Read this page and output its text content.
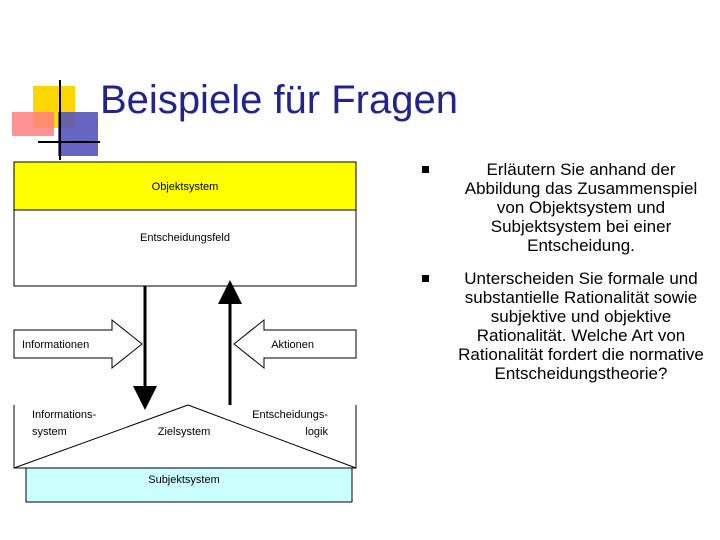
Beispiele für Fragen
Objektsystem
Entscheidungsfeld
Informationen	Aktionen
Informations-
system	Zielsystem
Entscheidungs-
logik
Subjektsystem
Erläutern Sie anhand der Abbildung das Zusammenspiel von Objektsystem und Subjektsystem bei einer Entscheidung.
Unterscheiden Sie formale und substantielle Rationalität sowie subjektive und objektive Rationalität. Welche Art von Rationalität fordert die normative Entscheidungstheorie?
